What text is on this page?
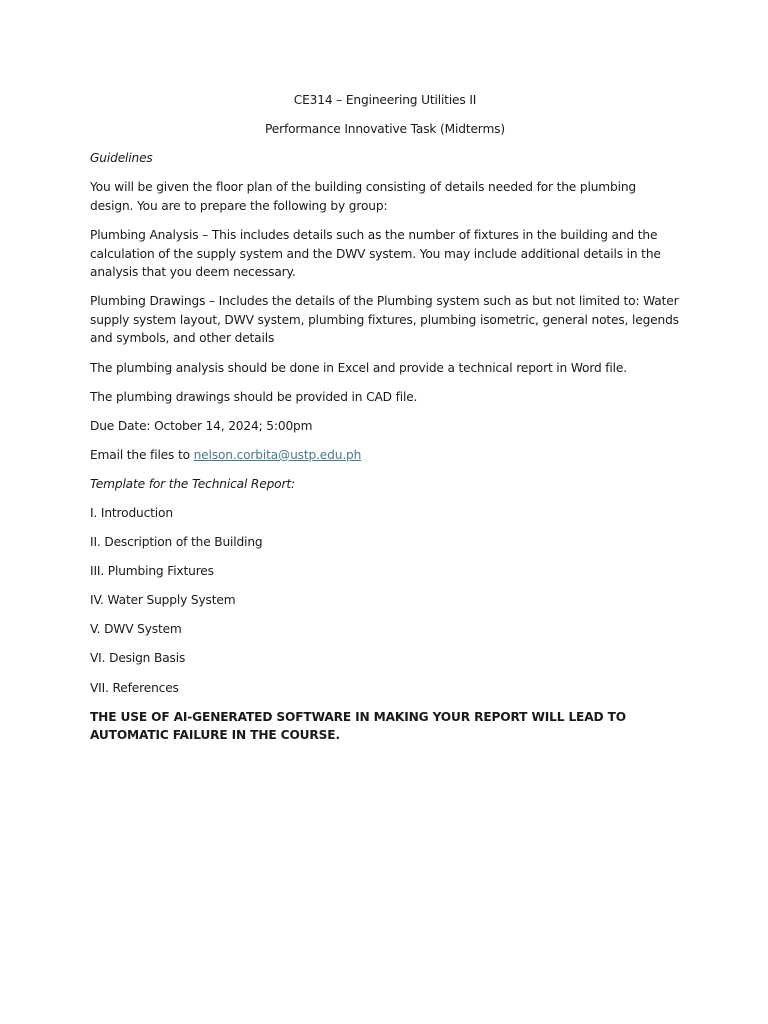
CE314 – Engineering Utilities II

Performance Innovative Task (Midterms)

Guidelines

You will be given the floor plan of the building consisting of details needed for the plumbing design. You are to prepare the following by group:

Plumbing Analysis – This includes details such as the number of fixtures in the building and the calculation of the supply system and the DWV system. You may include additional details in the analysis that you deem necessary.

Plumbing Drawings – Includes the details of the Plumbing system such as but not limited to: Water supply system layout, DWV system, plumbing fixtures, plumbing isometric, general notes, legends and symbols, and other details

The plumbing analysis should be done in Excel and provide a technical report in Word file.

The plumbing drawings should be provided in CAD file.

Due Date: October 14, 2024; 5:00pm

Email the files to nelson.corbita@ustp.edu.ph

Template for the Technical Report:

I. Introduction

II. Description of the Building

III. Plumbing Fixtures

IV. Water Supply System

V. DWV System

VI. Design Basis

VII. References

THE USE OF AI-GENERATED SOFTWARE IN MAKING YOUR REPORT WILL LEAD TO AUTOMATIC FAILURE IN THE COURSE.
